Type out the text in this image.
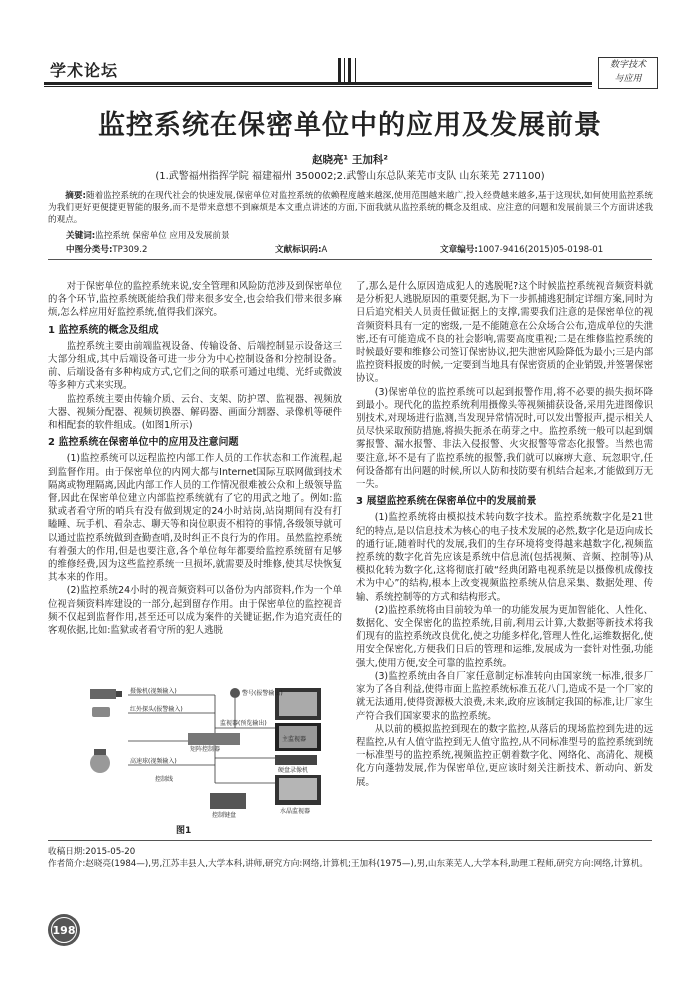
学术论坛	数字技术
与应用
监控系统在保密单位中的应用及发展前景
赵晓亮¹ 王加科²
(1.武警福州指挥学院 福建福州 350002;2.武警山东总队莱芜市支队 山东莱芜 271100)
摘要:随着监控系统的在现代社会的快速发展,保密单位对监控系统的依赖程度越来越深,使用范围越来越广,投入经费越来越多,基于这现状,如何使用监控系统为我们更好更便捷更智能的服务,而不是带来意想不到麻烦是本文重点讲述的方面,下面我就从监控系统的概念及组成、应注意的问题和发展前景三个方面讲述我的观点。
关键词:监控系统 保密单位 应用及发展前景
中图分类号:TP309.2	文献标识码:A	文章编号:1007-9416(2015)05-0198-01

对于保密单位的监控系统来说,安全管理和风险防范涉及到保密单位的各个环节,监控系统既能给我们带来很多安全,也会给我们带来很多麻烦,怎么样应用好监控系统,值得我们深究。

1 监控系统的概念及组成

监控系统主要由前端监视设备、传输设备、后端控制显示设备这三大部分组成,其中后端设备可进一步分为中心控制设备和分控制设备。前、后端设备有多种构成方式,它们之间的联系可通过电缆、光纤或微波等多种方式来实现。

监控系统主要由传输介质、云台、支架、防护罩、监视器、视频放大器、视频分配器、视频切换器、解码器、画面分割器、录像机等硬件和相配套的软件组成。(如图1所示)

2 监控系统在保密单位中的应用及注意问题

(1)监控系统可以远程监控内部工作人员的工作状态和工作流程,起到监督作用。由于保密单位的内网大都与Internet国际互联网做到技术隔离或物理隔离,因此内部工作人员的工作情况很难被公众和上级领导监督,因此在保密单位建立内部监控系统就有了它的用武之地了。例如:监狱或者看守所的哨兵有没有做到规定的24小时站岗,站岗期间有没有打瞌睡、玩手机、看杂志、聊天等和岗位职责不相符的事情,各级领导就可以通过监控系统做到查勤查哨,及时纠正不良行为的作用。虽然监控系统有着强大的作用,但是也要注意,各个单位每年都要给监控系统留有足够的维修经费,因为这些监控系统一旦损坏,就需要及时维修,使其尽快恢复其本来的作用。

(2)监控系统24小时的视音频资料可以备份为内部资料,作为一个单位视音频资料库建设的一部分,起到留存作用。由于保密单位的监控视音频不仅起到监督作用,甚至还可以成为案件的关键证据,作为追究责任的客观依据,比如:监狱或者看守所的犯人逃脱

摄像机(视频输入)
红外探头(报警输入)
矩阵控制器
高速球(视频输入)
控制线
控制键盘
警号(报警输出)
监视器(预览输出)
主监视器
硬盘录像机
水晶监视器
图1

了,那么是什么原因造成犯人的逃脱呢?这个时候监控系统视音频资料就是分析犯人逃脱原因的重要凭据,为下一步抓捕逃犯制定详细方案,同时为日后追究相关人员责任做证据上的支撑,需要我们注意的是保密单位的视音频资料具有一定的密级,一是不能随意在公众场合公布,造成单位的失泄密,还有可能造成不良的社会影响,需要高度重视;二是在维修监控系统的时候最好要和维修公司签订保密协议,把失泄密风险降低为最小;三是内部监控资料报废的时候,一定要到当地具有保密资质的企业销毁,并签署保密协议。

(3)保密单位的监控系统可以起到报警作用,将不必要的损失损坏降到最小。现代化的监控系统利用摄像头等视频捕获设备,采用先进图像识别技术,对现场进行监测,当发现异常情况时,可以发出警报声,提示相关人员尽快采取预防措施,将损失扼杀在萌芽之中。监控系统一般可以起到烟雾报警、漏水报警、非法入侵报警、火灾报警等常态化报警。当然也需要注意,坏不是有了监控系统的报警,我们就可以麻痹大意、玩忽职守,任何设备都有出问题的时候,所以人防和技防要有机结合起来,才能做到万无一失。

3 展望监控系统在保密单位中的发展前景

(1)监控系统将由模拟技术转向数字技术。监控系统数字化是21世纪的特点,是以信息技术为核心的电子技术发展的必然,数字化是迈向成长的通行证,随着时代的发展,我们的生存环境将变得越来越数字化,视频监控系统的数字化首先应该是系统中信息流(包括视频、音频、控制等)从模拟化转为数字化,这将彻底打破“经典闭路电视系统是以摄像机成像技术为中心”的结构,根本上改变视频监控系统从信息采集、数据处理、传输、系统控制等的方式和结构形式。

(2)监控系统将由目前较为单一的功能发展为更加智能化、人性化、数据化、安全保密化的监控系统,目前,利用云计算,大数据等新技术将我们现有的监控系统改良优化,使之功能多样化,管理人性化,运维数据化,使用安全保密化,方便我们日后的管理和运维,发展成为一套针对性强,功能强大,使用方便,安全可靠的监控系统。

(3)监控系统由各自厂家任意制定标准转向由国家统一标准,很多厂家为了各自利益,使得市面上监控系统标准五花八门,造成不是一个厂家的就无法通用,使得资源极大浪费,未来,政府应该制定我国的标准,让厂家生产符合我们国家要求的监控系统。

从以前的模拟监控到现在的数字监控,从落后的现场监控到先进的远程监控,从有人值守监控到无人值守监控,从不同标准型号的监控系统到统一标准型号的监控系统,视频监控正朝着数字化、网络化、高清化、规模化方向蓬勃发展,作为保密单位,更应该时刻关注新技术、新动向、新发展。

收稿日期:2015-05-20
作者简介:赵晓亮(1984—),男,江苏丰县人,大学本科,讲师,研究方向:网络,计算机;王加科(1975—),男,山东莱芜人,大学本科,助理工程师,研究方向:网络,计算机。
198
